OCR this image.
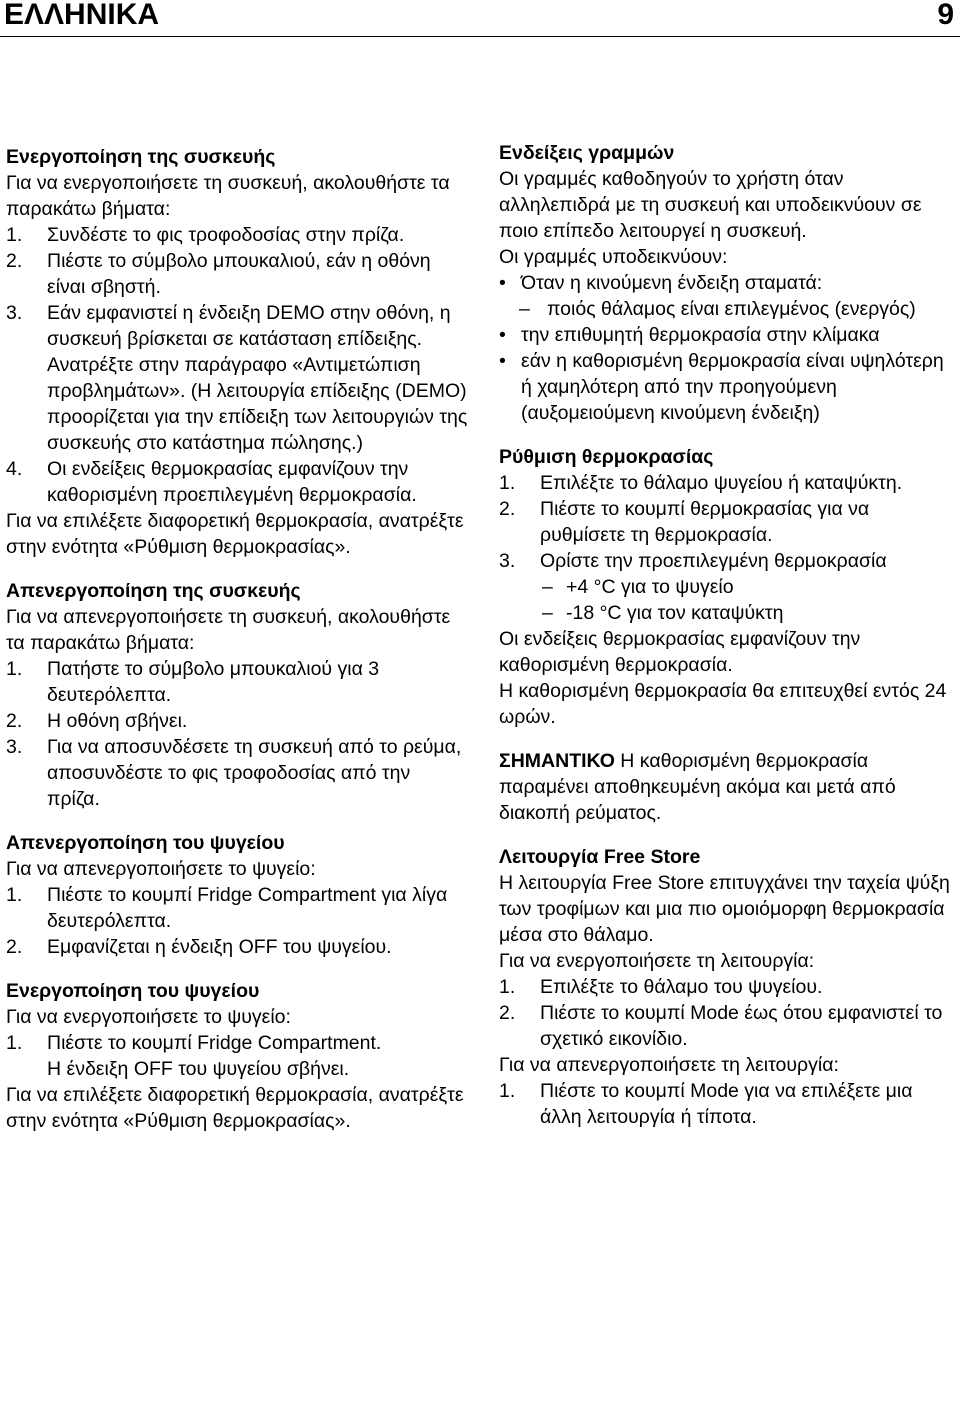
ΕΛΛΗΝΙΚΑ	9
Ενεργοποίηση της συσκευής

Για να ενεργοποιήσετε τη συσκευή, ακολουθήστε τα παρακάτω βήματα:

1. Συνδέστε το φις τροφοδοσίας στην πρίζα.
2. Πιέστε το σύμβολο μπουκαλιού, εάν η οθόνη είναι σβηστή.
3. Εάν εμφανιστεί η ένδειξη DEMO στην οθόνη, η συσκευή βρίσκεται σε κατάσταση επίδειξης. Ανατρέξτε στην παράγραφο «Αντιμετώπιση προβλημάτων». (Η λειτουργία επίδειξης (DEMO) προορίζεται για την επίδειξη των λειτουργιών της συσκευής στο κατάστημα πώλησης.)
4. Οι ενδείξεις θερμοκρασίας εμφανίζουν την καθορισμένη προεπιλεγμένη θερμοκρασία.

Για να επιλέξετε διαφορετική θερμοκρασία, ανατρέξτε στην ενότητα «Ρύθμιση θερμοκρασίας».

Απενεργοποίηση της συσκευής

Για να απενεργοποιήσετε τη συσκευή, ακολουθήστε τα παρακάτω βήματα:

1. Πατήστε το σύμβολο μπουκαλιού για 3 δευτερόλεπτα.
2. Η οθόνη σβήνει.
3. Για να αποσυνδέσετε τη συσκευή από το ρεύμα, αποσυνδέστε το φις τροφοδοσίας από την πρίζα.
Απενεργοποίηση του ψυγείου

Για να απενεργοποιήσετε το ψυγείο:

1. Πιέστε το κουμπί Fridge Compartment για λίγα δευτερόλεπτα.
2. Εμφανίζεται η ένδειξη OFF του ψυγείου.
Ενεργοποίηση του ψυγείου

Για να ενεργοποιήσετε το ψυγείο:

1. Πιέστε το κουμπί Fridge Compartment.
Η ένδειξη OFF του ψυγείου σβήνει.

Για να επιλέξετε διαφορετική θερμοκρασία, ανατρέξτε στην ενότητα «Ρύθμιση θερμοκρασίας».

Ενδείξεις γραμμών

Οι γραμμές καθοδηγούν το χρήστη όταν αλληλεπιδρά με τη συσκευή και υποδεικνύουν σε ποιο επίπεδο λειτουργεί η συσκευή.

Οι γραμμές υποδεικνύουν:

• Όταν η κινούμενη ένδειξη σταματά:
– ποιός θάλαμος είναι επιλεγμένος (ενεργός)
• την επιθυμητή θερμοκρασία στην κλίμακα
• εάν η καθορισμένη θερμοκρασία είναι υψηλότερη ή χαμηλότερη από την προηγούμενη (αυξομειούμενη κινούμενη ένδειξη)
Ρύθμιση θερμοκρασίας
1. Επιλέξτε το θάλαμο ψυγείου ή καταψύκτη.
2. Πιέστε το κουμπί θερμοκρασίας για να ρυθμίσετε τη θερμοκρασία.
3. Ορίστε την προεπιλεγμένη θερμοκρασία
– +4 °C για το ψυγείο
– -18 °C για τον καταψύκτη

Οι ενδείξεις θερμοκρασίας εμφανίζουν την καθορισμένη θερμοκρασία.

Η καθορισμένη θερμοκρασία θα επιτευχθεί εντός 24 ωρών.

ΣΗΜΑΝΤΙΚΟ Η καθορισμένη θερμοκρασία παραμένει αποθηκευμένη ακόμα και μετά από διακοπή ρεύματος.

Λειτουργία Free Store

Η λειτουργία Free Store επιτυγχάνει την ταχεία ψύξη των τροφίμων και μια πιο ομοιόμορφη θερμοκρασία μέσα στο θάλαμο.

Για να ενεργοποιήσετε τη λειτουργία:

1. Επιλέξτε το θάλαμο του ψυγείου.
2. Πιέστε το κουμπί Mode έως ότου εμφανιστεί το σχετικό εικονίδιο.

Για να απενεργοποιήσετε τη λειτουργία:

1. Πιέστε το κουμπί Mode για να επιλέξετε μια άλλη λειτουργία ή τίποτα.
